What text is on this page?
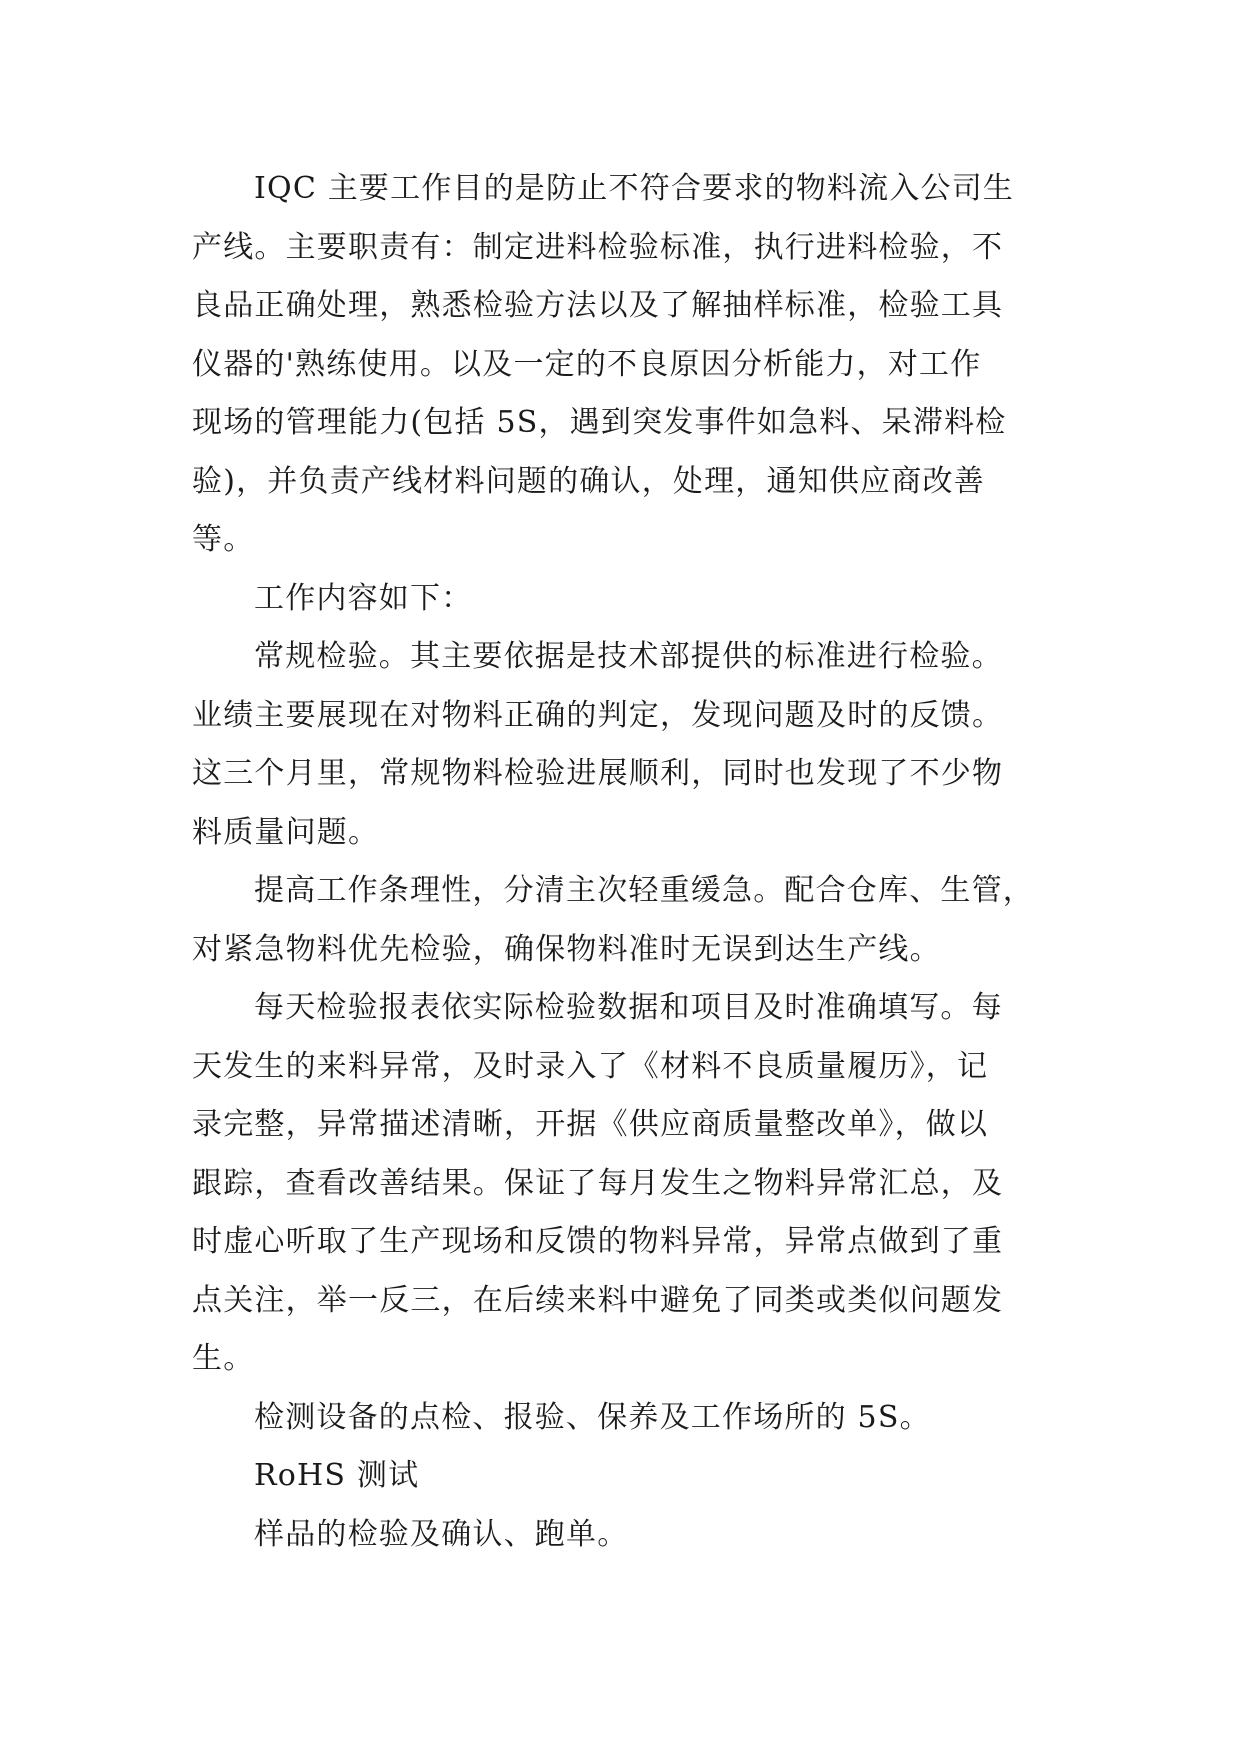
IQC 主要工作目的是防止不符合要求的物料流入公司生
产线。主要职责有：制定进料检验标准，执行进料检验，不
良品正确处理，熟悉检验方法以及了解抽样标准，检验工具
仪器的'熟练使用。以及一定的不良原因分析能力，对工作
现场的管理能力(包括 5S，遇到突发事件如急料、呆滞料检
验)，并负责产线材料问题的确认，处理，通知供应商改善
等。

工作内容如下：

常规检验。其主要依据是技术部提供的标准进行检验。
业绩主要展现在对物料正确的判定，发现问题及时的反馈。
这三个月里，常规物料检验进展顺利，同时也发现了不少物
料质量问题。

提高工作条理性，分清主次轻重缓急。配合仓库、生管，
对紧急物料优先检验，确保物料准时无误到达生产线。

每天检验报表依实际检验数据和项目及时准确填写。每
天发生的来料异常，及时录入了《材料不良质量履历》，记
录完整，异常描述清晰，开据《供应商质量整改单》，做以
跟踪，查看改善结果。保证了每月发生之物料异常汇总，及
时虚心听取了生产现场和反馈的物料异常，异常点做到了重
点关注，举一反三，在后续来料中避免了同类或类似问题发
生。

检测设备的点检、报验、保养及工作场所的 5S。

RoHS 测试

样品的检验及确认、跑单。
